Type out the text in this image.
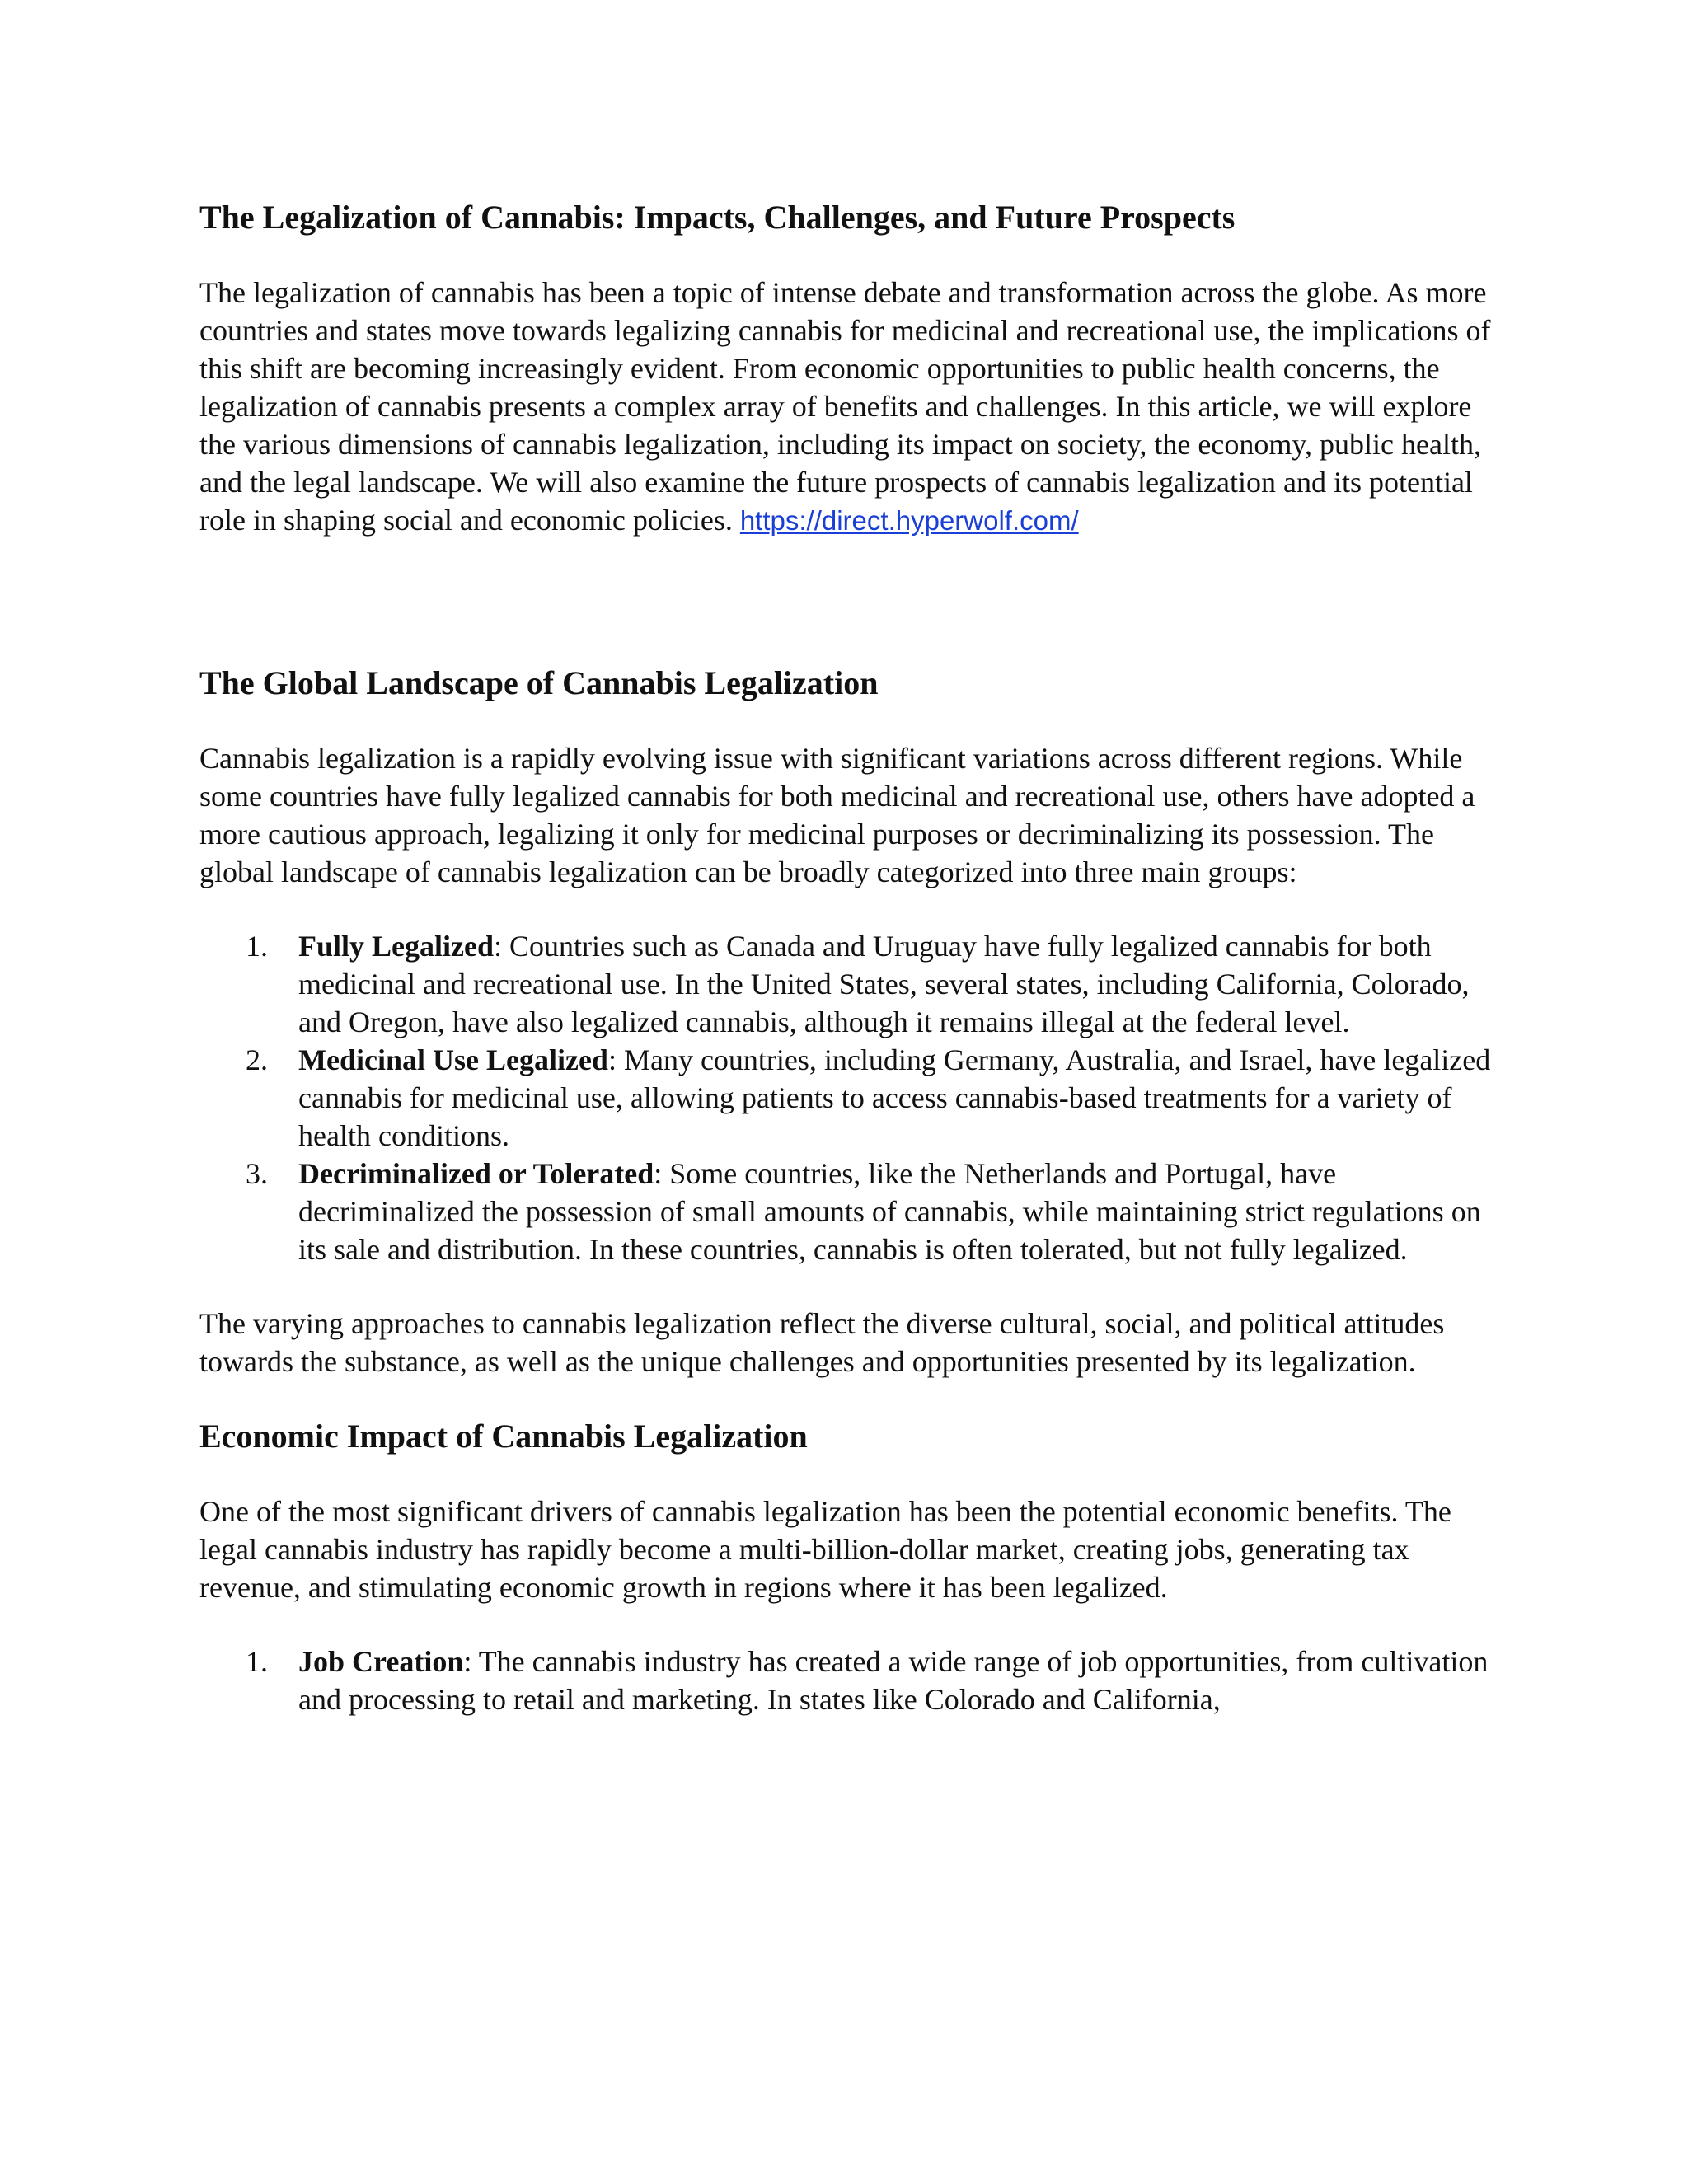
The Legalization of Cannabis: Impacts, Challenges, and Future Prospects

The legalization of cannabis has been a topic of intense debate and transformation across the globe. As more countries and states move towards legalizing cannabis for medicinal and recreational use, the implications of this shift are becoming increasingly evident. From economic opportunities to public health concerns, the legalization of cannabis presents a complex array of benefits and challenges. In this article, we will explore the various dimensions of cannabis legalization, including its impact on society, the economy, public health, and the legal landscape. We will also examine the future prospects of cannabis legalization and its potential role in shaping social and economic policies. https://direct.hyperwolf.com/

The Global Landscape of Cannabis Legalization

Cannabis legalization is a rapidly evolving issue with significant variations across different regions. While some countries have fully legalized cannabis for both medicinal and recreational use, others have adopted a more cautious approach, legalizing it only for medicinal purposes or decriminalizing its possession. The global landscape of cannabis legalization can be broadly categorized into three main groups:

1.	Fully Legalized: Countries such as Canada and Uruguay have fully legalized cannabis for both medicinal and recreational use. In the United States, several states, including California, Colorado, and Oregon, have also legalized cannabis, although it remains illegal at the federal level.
2.	Medicinal Use Legalized: Many countries, including Germany, Australia, and Israel, have legalized cannabis for medicinal use, allowing patients to access cannabis-based treatments for a variety of health conditions.
3.	Decriminalized or Tolerated: Some countries, like the Netherlands and Portugal, have decriminalized the possession of small amounts of cannabis, while maintaining strict regulations on its sale and distribution. In these countries, cannabis is often tolerated, but not fully legalized.

The varying approaches to cannabis legalization reflect the diverse cultural, social, and political attitudes towards the substance, as well as the unique challenges and opportunities presented by its legalization.

Economic Impact of Cannabis Legalization

One of the most significant drivers of cannabis legalization has been the potential economic benefits. The legal cannabis industry has rapidly become a multi-billion-dollar market, creating jobs, generating tax revenue, and stimulating economic growth in regions where it has been legalized.

1.	Job Creation: The cannabis industry has created a wide range of job opportunities, from cultivation and processing to retail and marketing. In states like Colorado and California,
